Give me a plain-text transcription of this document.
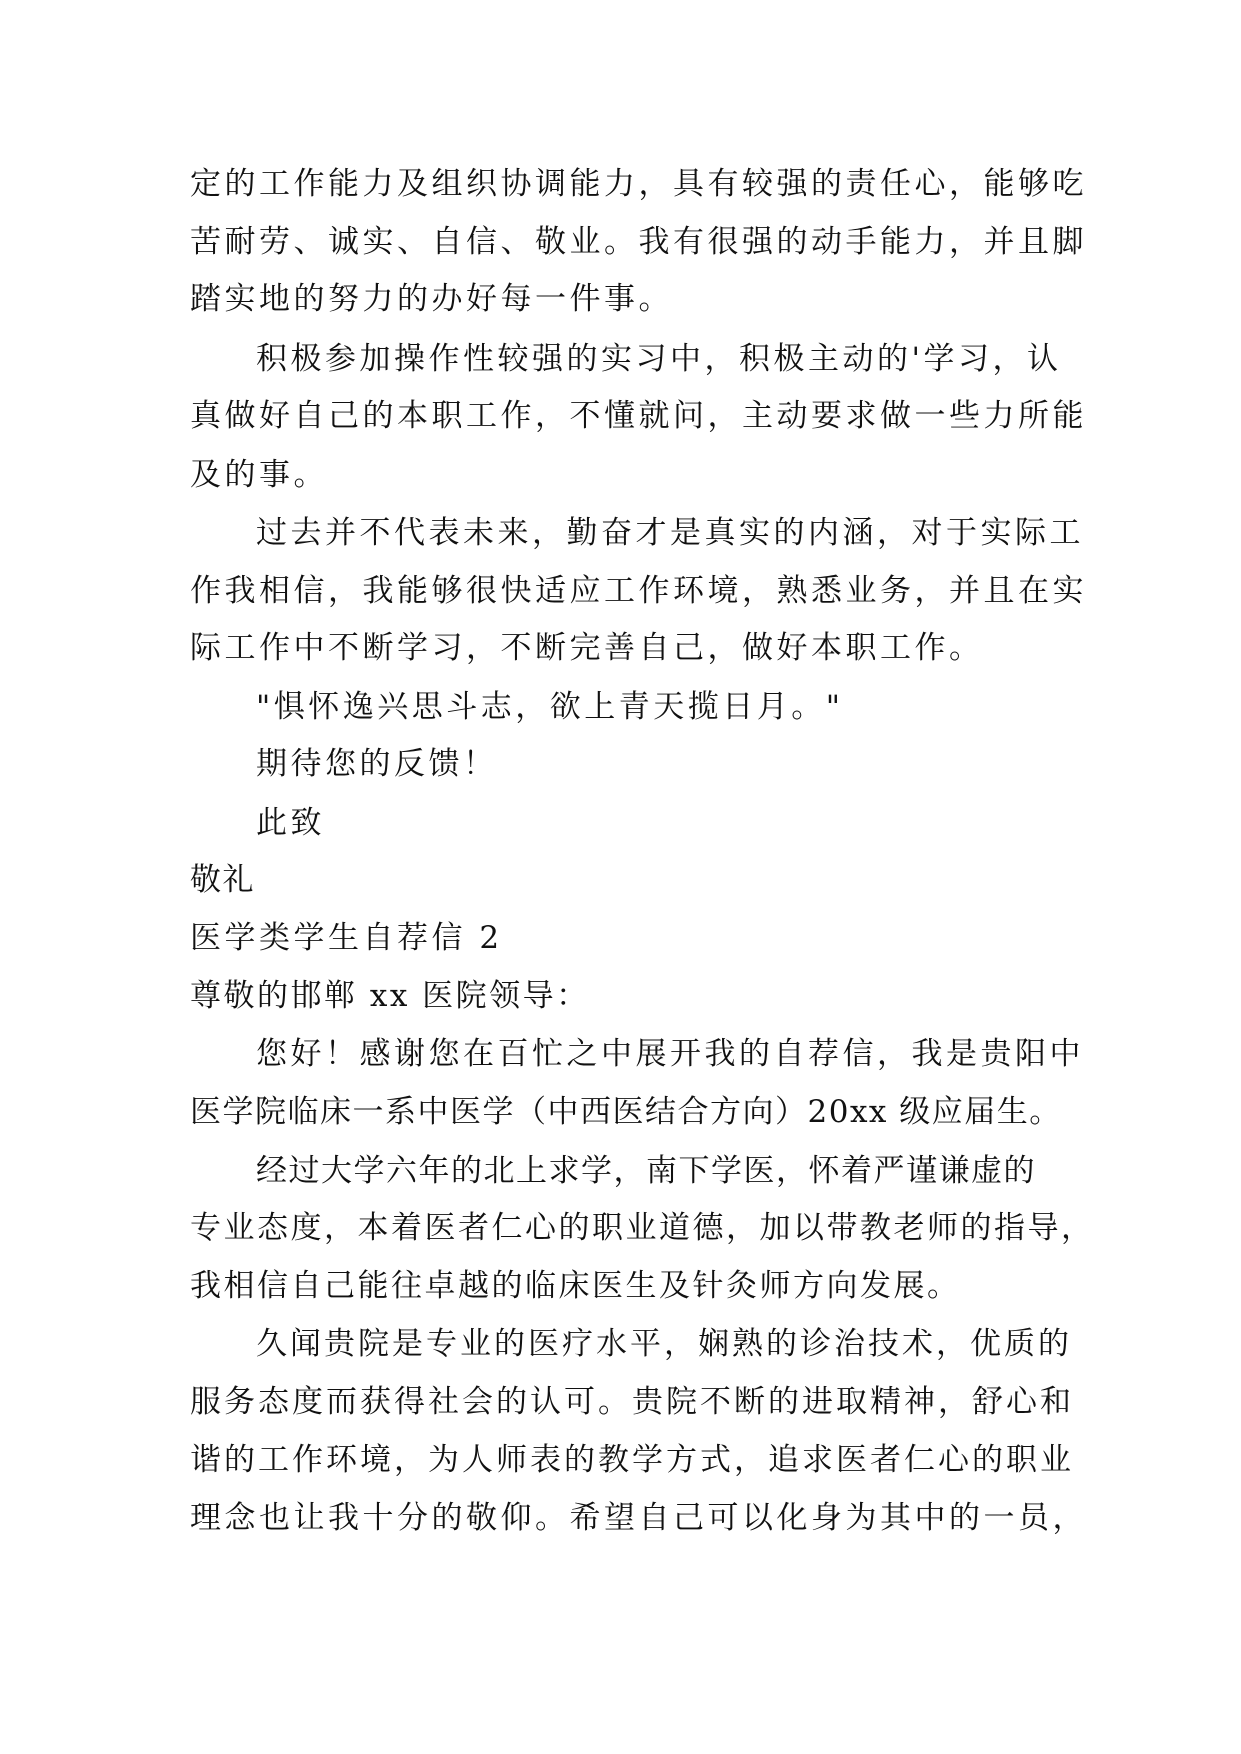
定的工作能力及组织协调能力，具有较强的责任心，能够吃
苦耐劳、诚实、自信、敬业。我有很强的动手能力，并且脚
踏实地的努力的办好每一件事。
积极参加操作性较强的实习中，积极主动的'学习，认
真做好自己的本职工作，不懂就问，主动要求做一些力所能
及的事。
过去并不代表未来，勤奋才是真实的内涵，对于实际工
作我相信，我能够很快适应工作环境，熟悉业务，并且在实
际工作中不断学习，不断完善自己，做好本职工作。
"惧怀逸兴思斗志，欲上青天揽日月。"
期待您的反馈！
此致
敬礼
医学类学生自荐信 2
尊敬的邯郸 xx 医院领导：
您好！感谢您在百忙之中展开我的自荐信，我是贵阳中
医学院临床一系中医学（中西医结合方向）20xx 级应届生。
经过大学六年的北上求学，南下学医，怀着严谨谦虚的
专业态度，本着医者仁心的职业道德，加以带教老师的指导，
我相信自己能往卓越的临床医生及针灸师方向发展。
久闻贵院是专业的医疗水平，娴熟的诊治技术，优质的
服务态度而获得社会的认可。贵院不断的进取精神，舒心和
谐的工作环境，为人师表的教学方式，追求医者仁心的职业
理念也让我十分的敬仰。希望自己可以化身为其中的一员，
